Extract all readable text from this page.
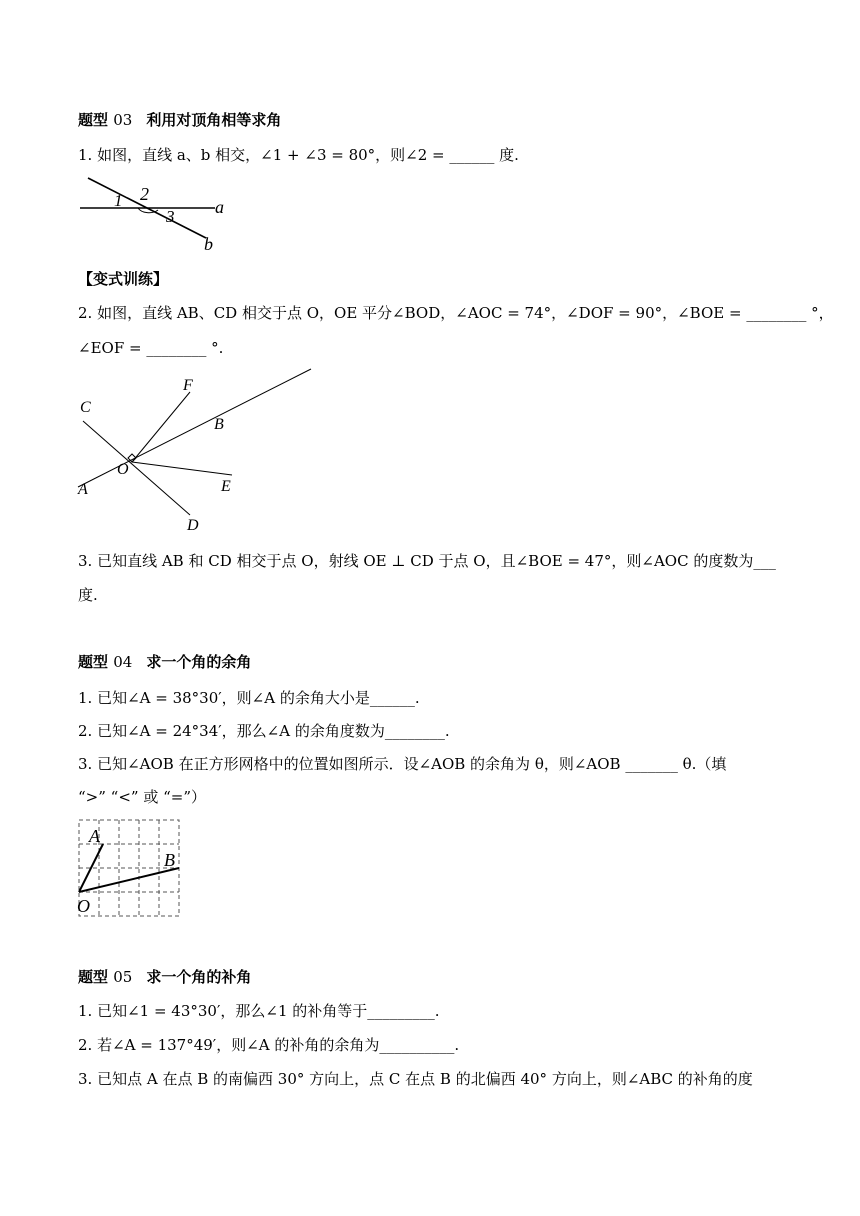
题型 03 利用对顶角相等求角
1. 如图，直线 a、b 相交，∠1 + ∠3 = 80°，则∠2 = ______ 度.
1 2
3 a
b
【变式训练】
2. 如图，直线 AB、CD 相交于点 O，OE 平分∠BOD，∠AOC = 74°，∠DOF = 90°，∠BOE = ________ °，
∠EOF = ________ °.
C
F
B
O
A	E
D
3. 已知直线 AB 和 CD 相交于点 O，射线 OE ⊥ CD 于点 O，且∠BOE = 47°，则∠AOC 的度数为___
度.
题型 04 求一个角的余角
1. 已知∠A = 38°30′，则∠A 的余角大小是______.
2. 已知∠A = 24°34′，那么∠A 的余角度数为________.
3. 已知∠AOB 在正方形网格中的位置如图所示．设∠AOB 的余角为 θ，则∠AOB _______ θ.（填
“>” “<” 或 “=”）
A
B
O
题型 05 求一个角的补角
1. 已知∠1 = 43°30′，那么∠1 的补角等于_________.
2. 若∠A = 137°49′，则∠A 的补角的余角为__________.
3. 已知点 A 在点 B 的南偏西 30° 方向上，点 C 在点 B 的北偏西 40° 方向上，则∠ABC 的补角的度
